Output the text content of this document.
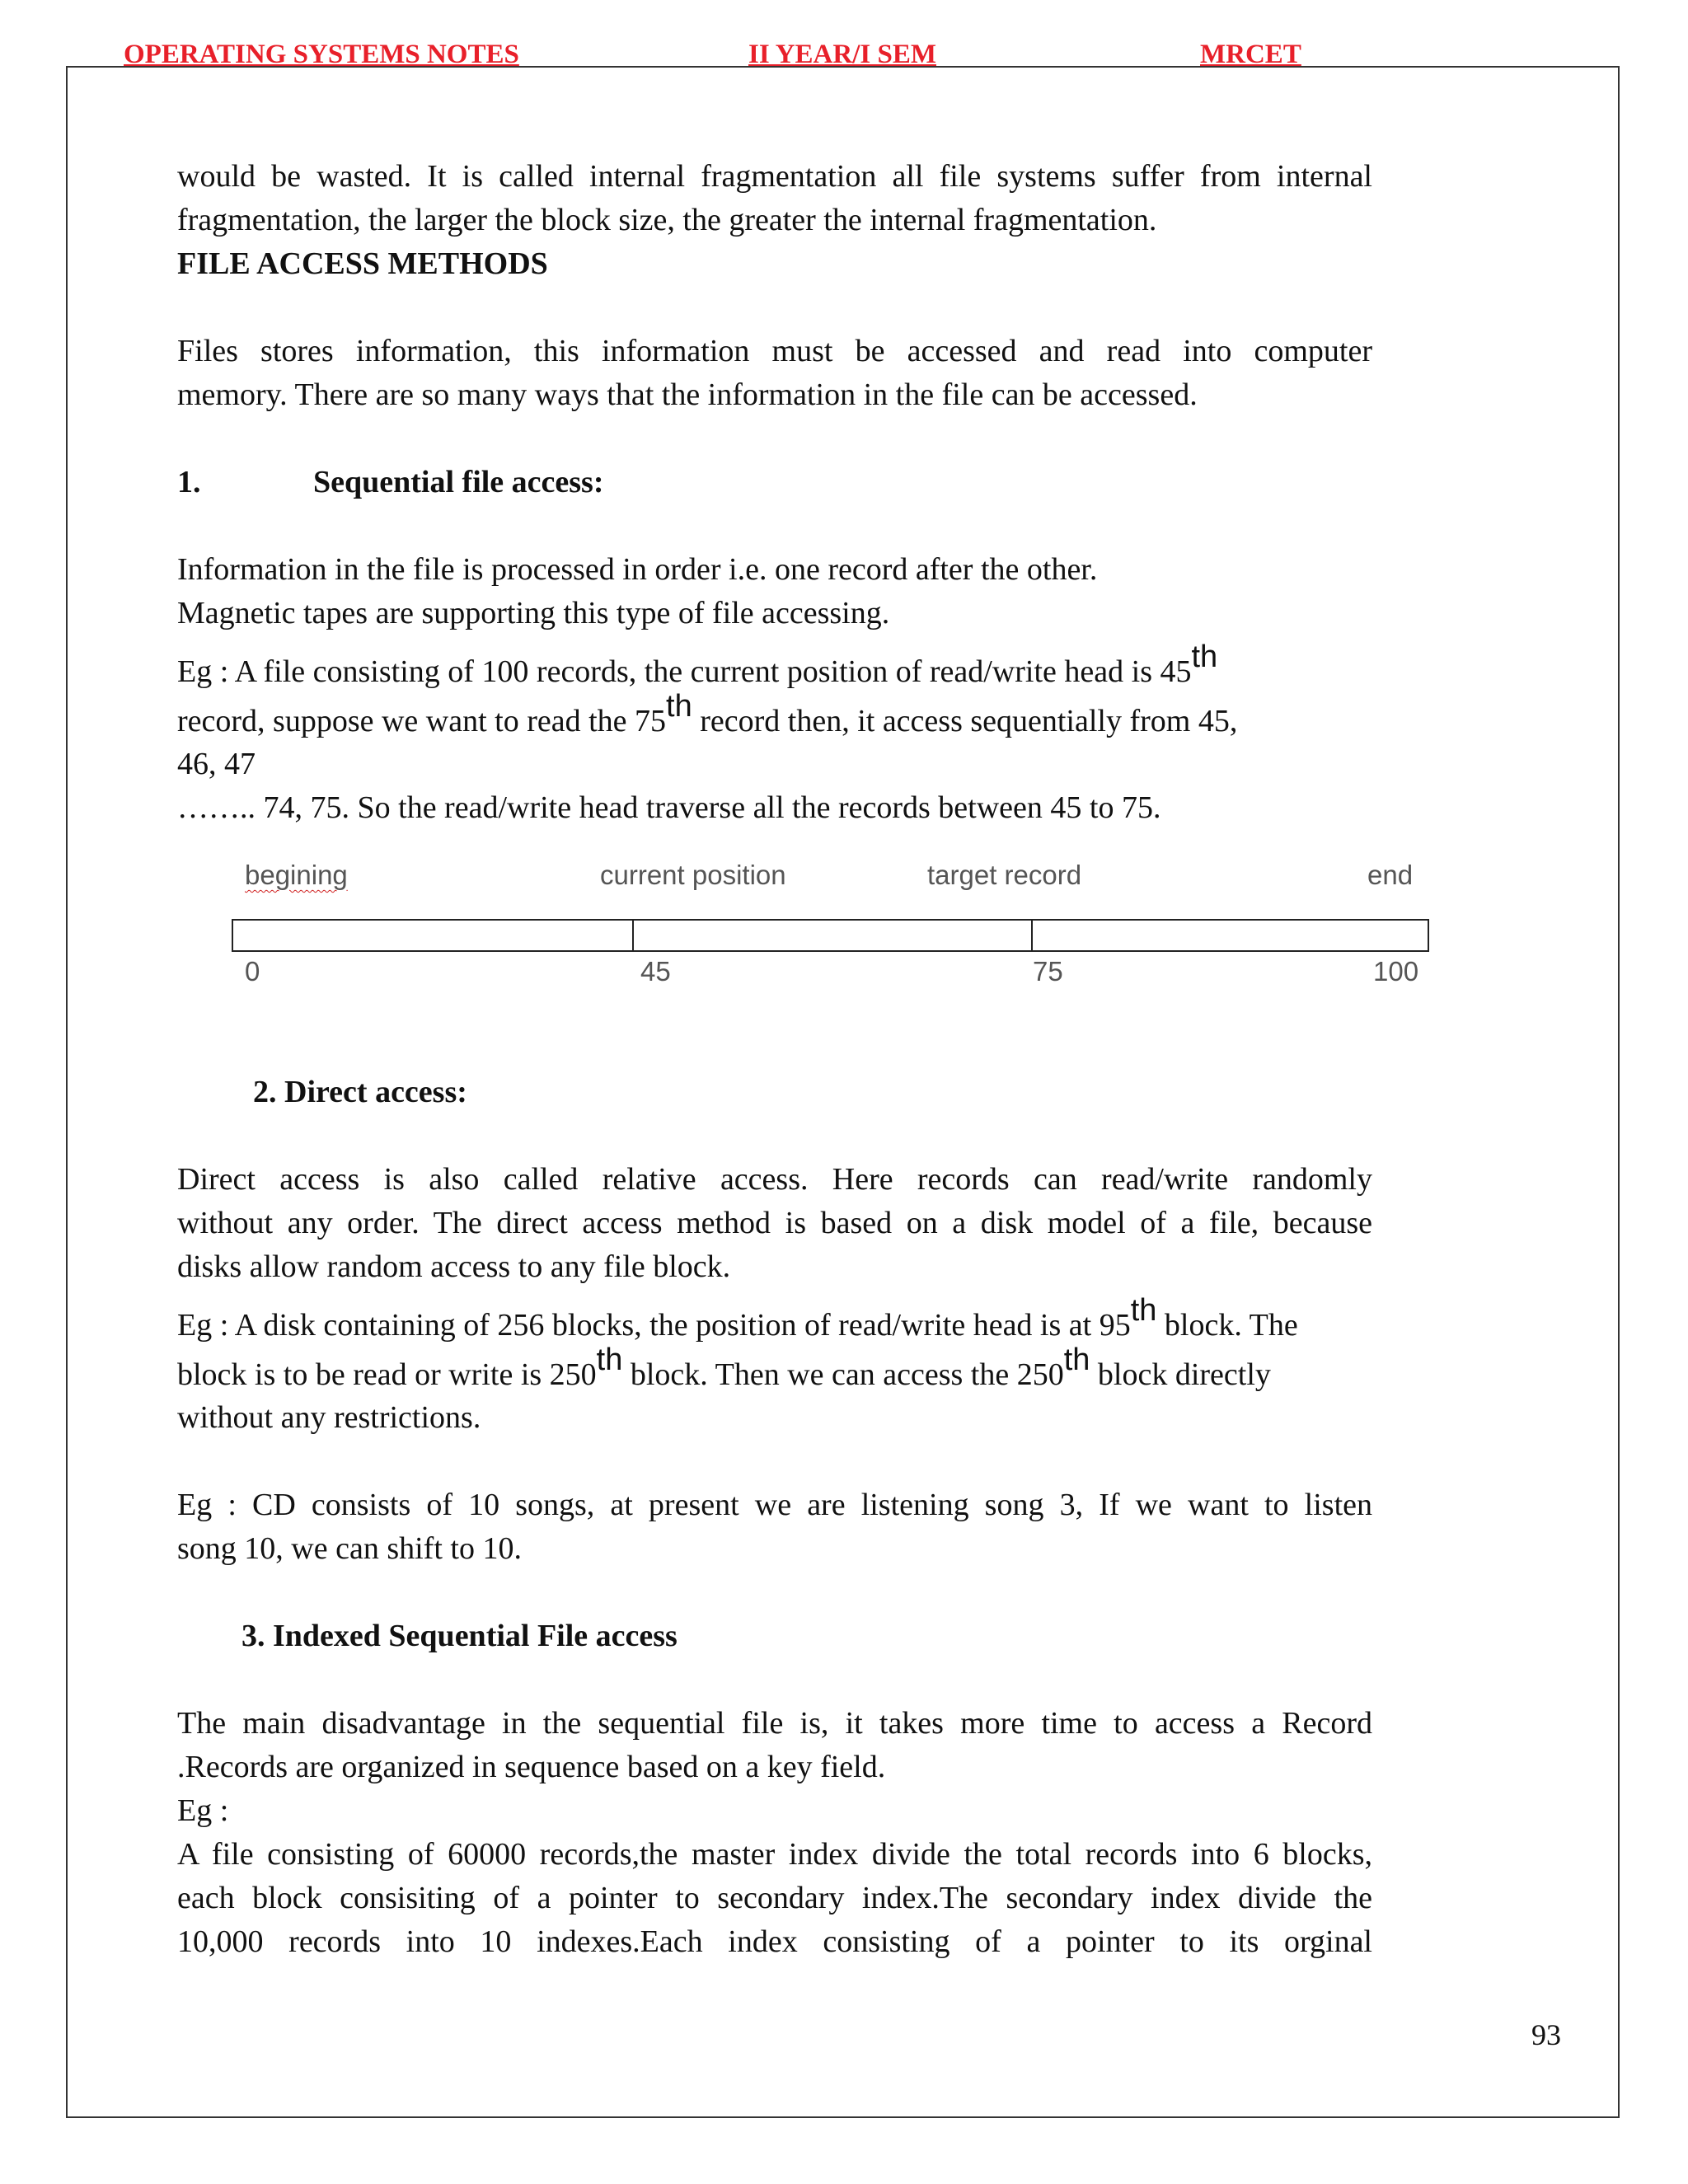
OPERATING SYSTEMS NOTES	II YEAR/I SEM	MRCET

would be wasted. It is called internal fragmentation all file systems suffer from internal

fragmentation, the larger the block size, the greater the internal fragmentation.

FILE ACCESS METHODS

Files stores information, this information must be accessed and read into computer

memory. There are so many ways that the information in the file can be accessed.

1.	Sequential file access:

Information in the file is processed in order i.e. one record after the other.

Magnetic tapes are supporting this type of file accessing.

Eg : A file consisting of 100 records, the current position of read/write head is 45th

record, suppose we want to read the 75th record then, it access sequentially from 45,

46, 47

…….. 74, 75. So the read/write head traverse all the records between 45 to 75.

begining	current position	target record	end
0	45	75	100

2. Direct access:

Direct access is also called relative access. Here records can read/write randomly

without any order. The direct access method is based on a disk model of a file, because

disks allow random access to any file block.

Eg : A disk containing of 256 blocks, the position of read/write head is at 95th block. The

block is to be read or write is 250th block. Then we can access the 250th block directly

without any restrictions.

Eg : CD consists of 10 songs, at present we are listening song 3, If we want to listen

song 10, we can shift to 10.

3. Indexed Sequential File access

The main disadvantage in the sequential file is, it takes more time to access a Record

.Records are organized in sequence based on a key field.

Eg :

A file consisting of 60000 records,the master index divide the total records into 6 blocks,

each block consisiting of a pointer to secondary index.The secondary index divide the

10,000 records into 10 indexes.Each index consisting of a pointer to its orginal

93
